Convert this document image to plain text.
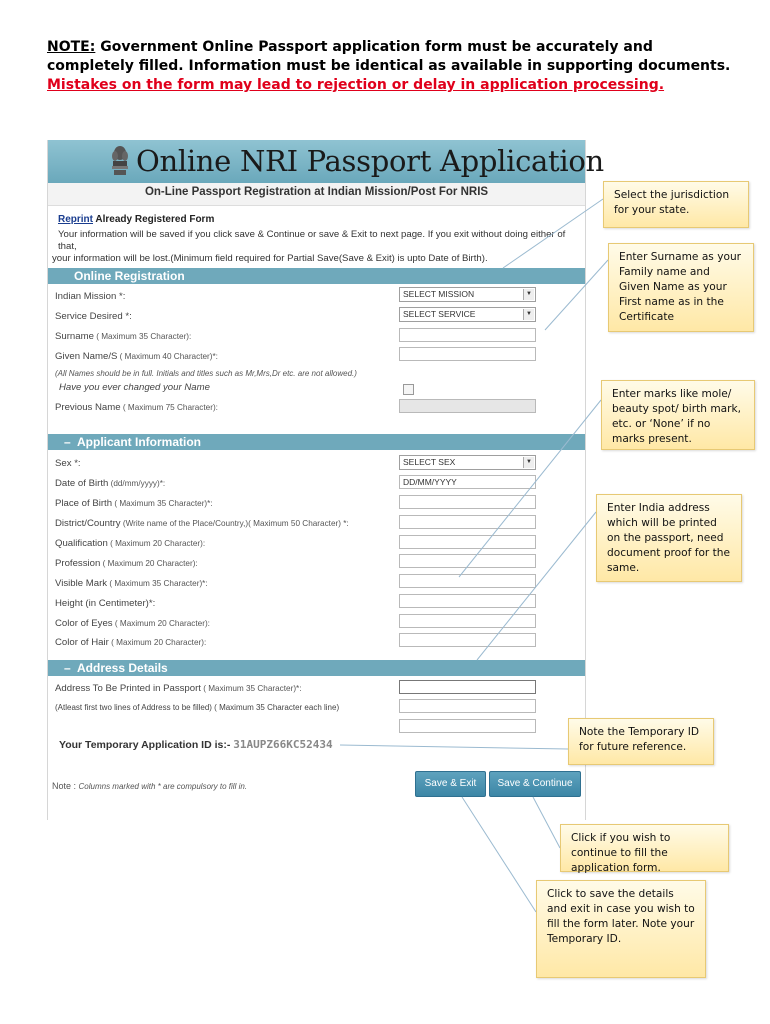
NOTE: Government Online Passport application form must be accurately and completely filled. Information must be identical as available in supporting documents. Mistakes on the form may lead to rejection or delay in application processing.
Online NRI Passport Application
On-Line Passport Registration at Indian Mission/Post For NRIS
Reprint Already Registered Form
Your information will be saved if you click save & Continue or save & Exit to next page. If you exit without doing either of that,
your information will be lost.(Minimum field required for Partial Save(Save & Exit) is upto Date of Birth).
Online Registration
Indian Mission *:	SELECT MISSION	▼
Service Desired *:	SELECT SERVICE	▼
Surname ( Maximum 35 Character):
Given Name/S ( Maximum 40 Character)*:
(All Names should be in full. Initials and titles such as Mr,Mrs,Dr etc. are not allowed.)
Have you ever changed your Name
Previous Name ( Maximum 75 Character):
– Applicant Information
Sex *:	SELECT SEX	▼
Date of Birth (dd/mm/yyyy)*:	DD/MM/YYYY
Place of Birth ( Maximum 35 Character)*:
District/Country (Write name of the Place/Country,)( Maximum 50 Character) *:
Qualification ( Maximum 20 Character):
Profession ( Maximum 20 Character):
Visible Mark ( Maximum 35 Character)*:
Height (in Centimeter)*:
Color of Eyes ( Maximum 20 Character):
Color of Hair ( Maximum 20 Character):
– Address Details
Address To Be Printed in Passport ( Maximum 35 Character)*:
(Atleast first two lines of Address to be filled) ( Maximum 35 Character each line)
Your Temporary Application ID is:- 31AUPZ66KC52434
Note : Columns marked with * are compulsory to fill in.	Save & Exit	Save & Continue
Select the jurisdiction for your state.
Enter Surname as your Family name and Given Name as your First name as in the Certificate
Enter marks like mole/ beauty spot/ birth mark, etc. or ‘None’ if no marks present.
Enter India address which will be printed on the passport, need document proof for the same.
Note the Temporary ID for future reference.
Click if you wish to continue to fill the application form.
Click to save the details and exit in case you wish to fill the form later. Note your Temporary ID.
